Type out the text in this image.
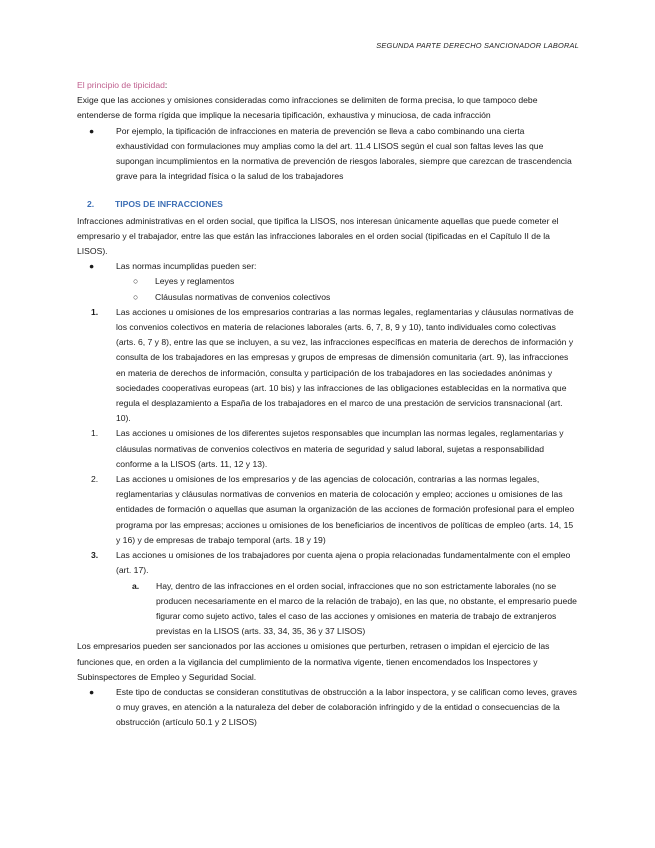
SEGUNDA PARTE DERECHO SANCIONADOR LABORAL

El principio de tipicidad:

Exige que las acciones y omisiones consideradas como infracciones se delimiten de forma precisa, lo que tampoco debe entenderse de forma rígida que implique la necesaria tipificación, exhaustiva y minuciosa, de cada infracción

●	Por ejemplo, la tipificación de infracciones en materia de prevención se lleva a cabo combinando una cierta exhaustividad con formulaciones muy amplias como la del art. 11.4 LISOS según el cual son faltas leves las que supongan incumplimientos en la normativa de prevención de riesgos laborales, siempre que carezcan de trascendencia grave para la integridad física o la salud de los trabajadores
2. TIPOS DE INFRACCIONES

Infracciones administrativas en el orden social, que tipifica la LISOS, nos interesan únicamente aquellas que puede cometer el empresario y el trabajador, entre las que están las infracciones laborales en el orden social (tipificadas en el Capítulo II de la LISOS).

●	Las normas incumplidas pueden ser:
○	Leyes y reglamentos
○	Cláusulas normativas de convenios colectivos
1.	Las acciones u omisiones de los empresarios contrarias a las normas legales, reglamentarias y cláusulas normativas de los convenios colectivos en materia de relaciones laborales (arts. 6, 7, 8, 9 y 10), tanto individuales como colectivas (arts. 6, 7 y 8), entre las que se incluyen, a su vez, las infracciones específicas en materia de derechos de información y consulta de los trabajadores en las empresas y grupos de empresas de dimensión comunitaria (art. 9), las infracciones en materia de derechos de información, consulta y participación de los trabajadores en las sociedades anónimas y sociedades cooperativas europeas (art. 10 bis) y las infracciones de las obligaciones establecidas en la normativa que regula el desplazamiento a España de los trabajadores en el marco de una prestación de servicios transnacional (art. 10).
1.	Las acciones u omisiones de los diferentes sujetos responsables que incumplan las normas legales, reglamentarias y cláusulas normativas de convenios colectivos en materia de seguridad y salud laboral, sujetas a responsabilidad conforme a la LISOS (arts. 11, 12 y 13).
2.	Las acciones u omisiones de los empresarios y de las agencias de colocación, contrarias a las normas legales, reglamentarias y cláusulas normativas de convenios en materia de colocación y empleo; acciones u omisiones de las entidades de formación o aquellas que asuman la organización de las acciones de formación profesional para el empleo programa por las empresas; acciones u omisiones de los beneficiarios de incentivos de políticas de empleo (arts. 14, 15 y 16) y de empresas de trabajo temporal (arts. 18 y 19)
3.	Las acciones u omisiones de los trabajadores por cuenta ajena o propia relacionadas fundamentalmente con el empleo (art. 17).
a.	Hay, dentro de las infracciones en el orden social, infracciones que no son estrictamente laborales (no se producen necesariamente en el marco de la relación de trabajo), en las que, no obstante, el empresario puede figurar como sujeto activo, tales el caso de las acciones y omisiones en materia de trabajo de extranjeros previstas en la LISOS (arts. 33, 34, 35, 36 y 37 LISOS)

Los empresarios pueden ser sancionados por las acciones u omisiones que perturben, retrasen o impidan el ejercicio de las funciones que, en orden a la vigilancia del cumplimiento de la normativa vigente, tienen encomendados los Inspectores y Subinspectores de Empleo y Seguridad Social.

●	Este tipo de conductas se consideran constitutivas de obstrucción a la labor inspectora, y se califican como leves, graves o muy graves, en atención a la naturaleza del deber de colaboración infringido y de la entidad o consecuencias de la obstrucción (artículo 50.1 y 2 LISOS)
